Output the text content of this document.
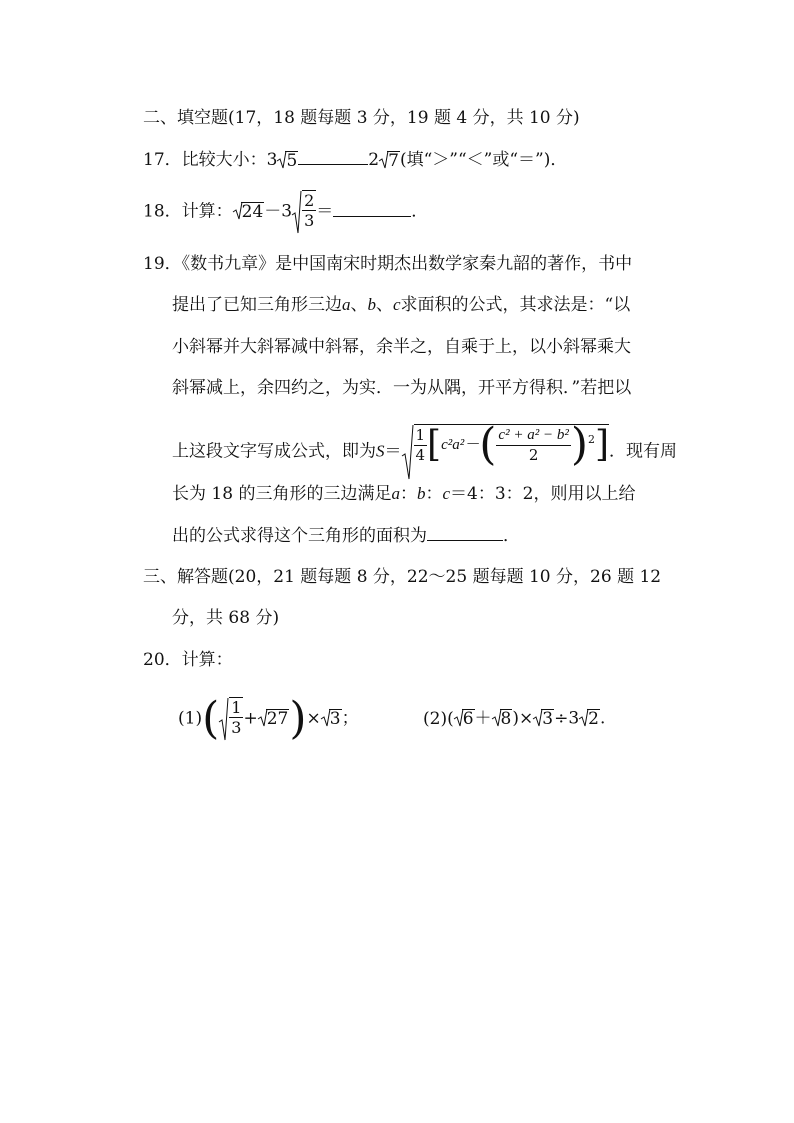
二、填空题(17，18 题每题 3 分，19 题 4 分，共 10 分)
17．比较大小：3 5	2 7(填“＞”“＜”或“＝”)．
18．计算： $24-3 \frac{2}{3}$ ＝	．
19．《数书九章》是中国南宋时期杰出数学家秦九韶的著作，书中
提出了已知三角形三边a、b、c求面积的公式，其求法是：“以
小斜幂并大斜幂减中斜幂，余半之，自乘于上，以小斜幂乘大
斜幂减上，余四约之，为实．一为从隅，开平方得积．”若把以
上这段文字写成公式，即为$S= \frac{1}{4} [c^2a^2-( \frac{\text{c² + a² − b²}}{2} )^2]$．现有周
长为 18 的三角形的三边满足a：b：c＝4：3：2，则用以上给
出的公式求得这个三角形的面积为	．
三、解答题(20，21 题每题 8 分，22～25 题每题 10 分，26 题 12
分，共 68 分)
20．计算：
$(1)( \frac{1}{3} + 27)\times 3$；	(2)( 6＋ 8)× 3÷3 2.
